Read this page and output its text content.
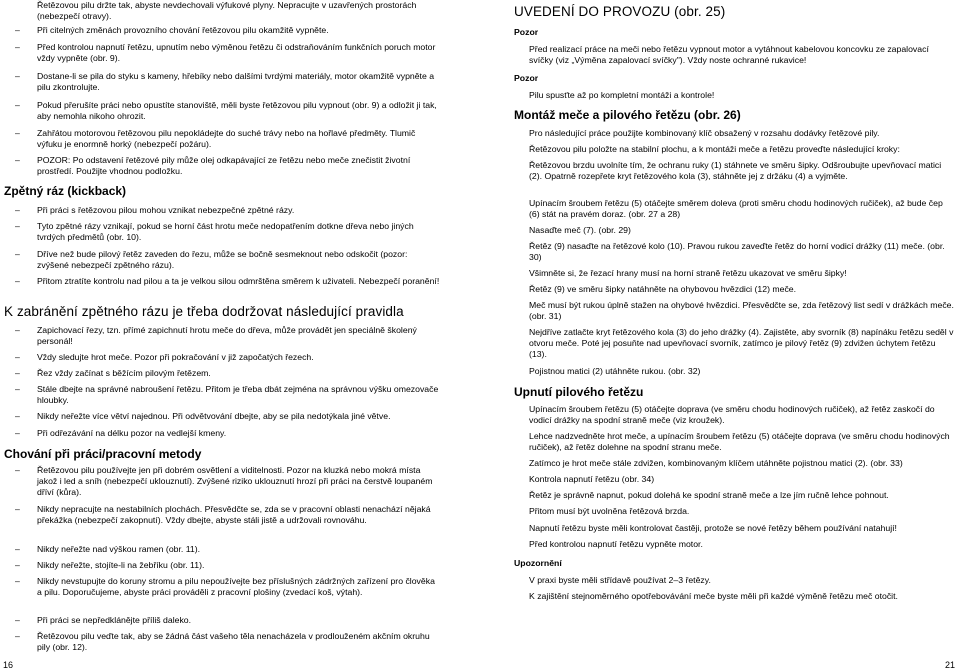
Řetězovou pilu držte tak, abyste nevdechovali výfukové plyny. Nepracujte v uzavřených prostorách (nebezpečí otravy).
–	Při citelných změnách provozního chování řetězovou pilu okamžitě vypněte.
–	Před kontrolou napnutí řetězu, upnutím nebo výměnou řetězu či odstraňováním funkčních poruch motor vždy vypněte (obr. 9).
–	Dostane-li se pila do styku s kameny, hřebíky nebo dalšími tvrdými materiály, motor okamžitě vypněte a pilu zkontrolujte.
–	Pokud přerušíte práci nebo opustíte stanoviště, měli byste řetězovou pilu vypnout (obr. 9) a odložit ji tak, aby nemohla nikoho ohrozit.
–	Zahřátou motorovou řetězovou pilu nepokládejte do suché trávy nebo na hořlavé předměty. Tlumič výfuku je enormně horký (nebezpečí požáru).
–	POZOR: Po odstavení řetězové pily může olej odkapávající ze řetězu nebo meče znečistit životní prostředí. Použijte vhodnou podložku.
Zpětný ráz (kickback)
–	Při práci s řetězovou pilou mohou vznikat nebezpečné zpětné rázy.
–	Tyto zpětné rázy vznikají, pokud se horní část hrotu meče nedopatřením dotkne dřeva nebo jiných tvrdých předmětů (obr. 10).
–	Dříve než bude pilový řetěz zaveden do řezu, může se bočně sesmeknout nebo odskočit (pozor: zvýšené nebezpečí zpětného rázu).
–	Přitom ztratíte kontrolu nad pilou a ta je velkou silou odmrštěna směrem k uživateli. Nebezpečí poranění!
K zabránění zpětného rázu je třeba dodržovat následující pravidla
–	Zapichovací řezy, tzn. přímé zapichnutí hrotu meče do dřeva, může provádět jen speciálně školený personál!
–	Vždy sledujte hrot meče. Pozor při pokračování v již započatých řezech.
–	Řez vždy začínat s běžícím pilovým řetězem.
–	Stále dbejte na správné nabroušení řetězu. Přitom je třeba dbát zejména na správnou výšku omezovače hloubky.
–	Nikdy neřežte více větví najednou. Při odvětvování dbejte, aby se pila nedotýkala jiné větve.
–	Při odřezávání na délku pozor na vedlejší kmeny.
Chování při práci/pracovní metody
–	Řetězovou pilu používejte jen při dobrém osvětlení a viditelnosti. Pozor na kluzká nebo mokrá místa jakož i led a sníh (nebezpečí uklouznutí). Zvýšené riziko uklouznutí hrozí při práci na čerstvě loupaném dříví (kůra).
–	Nikdy nepracujte na nestabilních plochách. Přesvědčte se, zda se v pracovní oblasti nenachází nějaká překážka (nebezpečí zakopnutí). Vždy dbejte, abyste stáli jistě a udržovali rovnováhu.
–	Nikdy neřežte nad výškou ramen (obr. 11).
–	Nikdy neřežte, stojíte-li na žebříku (obr. 11).
–	Nikdy nevstupujte do koruny stromu a pilu nepoužívejte bez příslušných zádržných zařízení pro člověka a pilu. Doporučujeme, abyste práci prováděli z pracovní plošiny (zvedací koš, výtah).
–	Při práci se nepředklánějte příliš daleko.
–	Řetězovou pilu veďte tak, aby se žádná část vašeho těla nenacházela v prodlouženém akčním okruhu pily (obr. 12).
UVEDENÍ DO PROVOZU (obr. 25)
Pozor
Před realizací práce na meči nebo řetězu vypnout motor a vytáhnout kabelovou koncovku ze zapalovací svíčky (viz „Výměna zapalovací svíčky"). Vždy noste ochranné rukavice!
Pozor
Pilu spusťte až po kompletní montáži a kontrole!
Montáž meče a pilového řetězu (obr. 26)
Pro následující práce použijte kombinovaný klíč obsažený v rozsahu dodávky řetězové pily.
Řetězovou pilu položte na stabilní plochu, a k montáži meče a řetězu proveďte následující kroky:
Řetězovou brzdu uvolníte tím, že ochranu ruky (1) stáhnete ve směru šipky. Odšroubujte upevňovací matici (2). Opatrně rozepřete kryt řetězového kola (3), stáhněte jej z držáku (4) a vyjměte.
Upínacím šroubem řetězu (5) otáčejte směrem doleva (proti směru chodu hodinových ručiček), až bude čep (6) stát na pravém doraz. (obr. 27 a 28)
Nasaďte meč (7). (obr. 29)
Řetěz (9) nasaďte na řetězové kolo (10). Pravou rukou zaveďte řetěz do horní vodicí drážky (11) meče. (obr. 30)
Všimněte si, že řezací hrany musí na horní straně řetězu ukazovat ve směru šipky!
Řetěz (9) ve směru šipky natáhněte na ohybovou hvězdici (12) meče.
Meč musí být rukou úplně stažen na ohybové hvězdici. Přesvědčte se, zda řetězový list sedí v drážkách meče. (obr. 31)
Nejdříve zatlačte kryt řetězového kola (3) do jeho drážky (4). Zajistěte, aby svorník (8) napínáku řetězu seděl v otvoru meče. Poté jej posuňte nad upevňovací svorník, zatímco je pilový řetěz (9) zdvižen úchytem řetězu (13).
Pojistnou matici (2) utáhněte rukou. (obr. 32)
Upnutí pilového řetězu
Upínacím šroubem řetězu (5) otáčejte doprava (ve směru chodu hodinových ručiček), až řetěz zaskočí do vodicí drážky na spodní straně meče (viz kroužek).
Lehce nadzvedněte hrot meče, a upínacím šroubem řetězu (5) otáčejte doprava (ve směru chodu hodinových ručiček), až řetěz dolehne na spodní stranu meče.
Zatímco je hrot meče stále zdvižen, kombinovaným klíčem utáhněte pojistnou matici (2). (obr. 33)
Kontrola napnutí řetězu (obr. 34)
Řetěz je správně napnut, pokud dolehá ke spodní straně meče a lze jím ručně lehce pohnout.
Přitom musí být uvolněna řetězová brzda.
Napnutí řetězu byste měli kontrolovat častěji, protože se nové řetězy během používání natahují!
Před kontrolou napnutí řetězu vypněte motor.
Upozornění
V praxi byste měli střídavě používat 2–3 řetězy.
K zajištění stejnoměrného opotřebovávání meče byste měli při každé výměně řetězu meč otočit.
16	21
